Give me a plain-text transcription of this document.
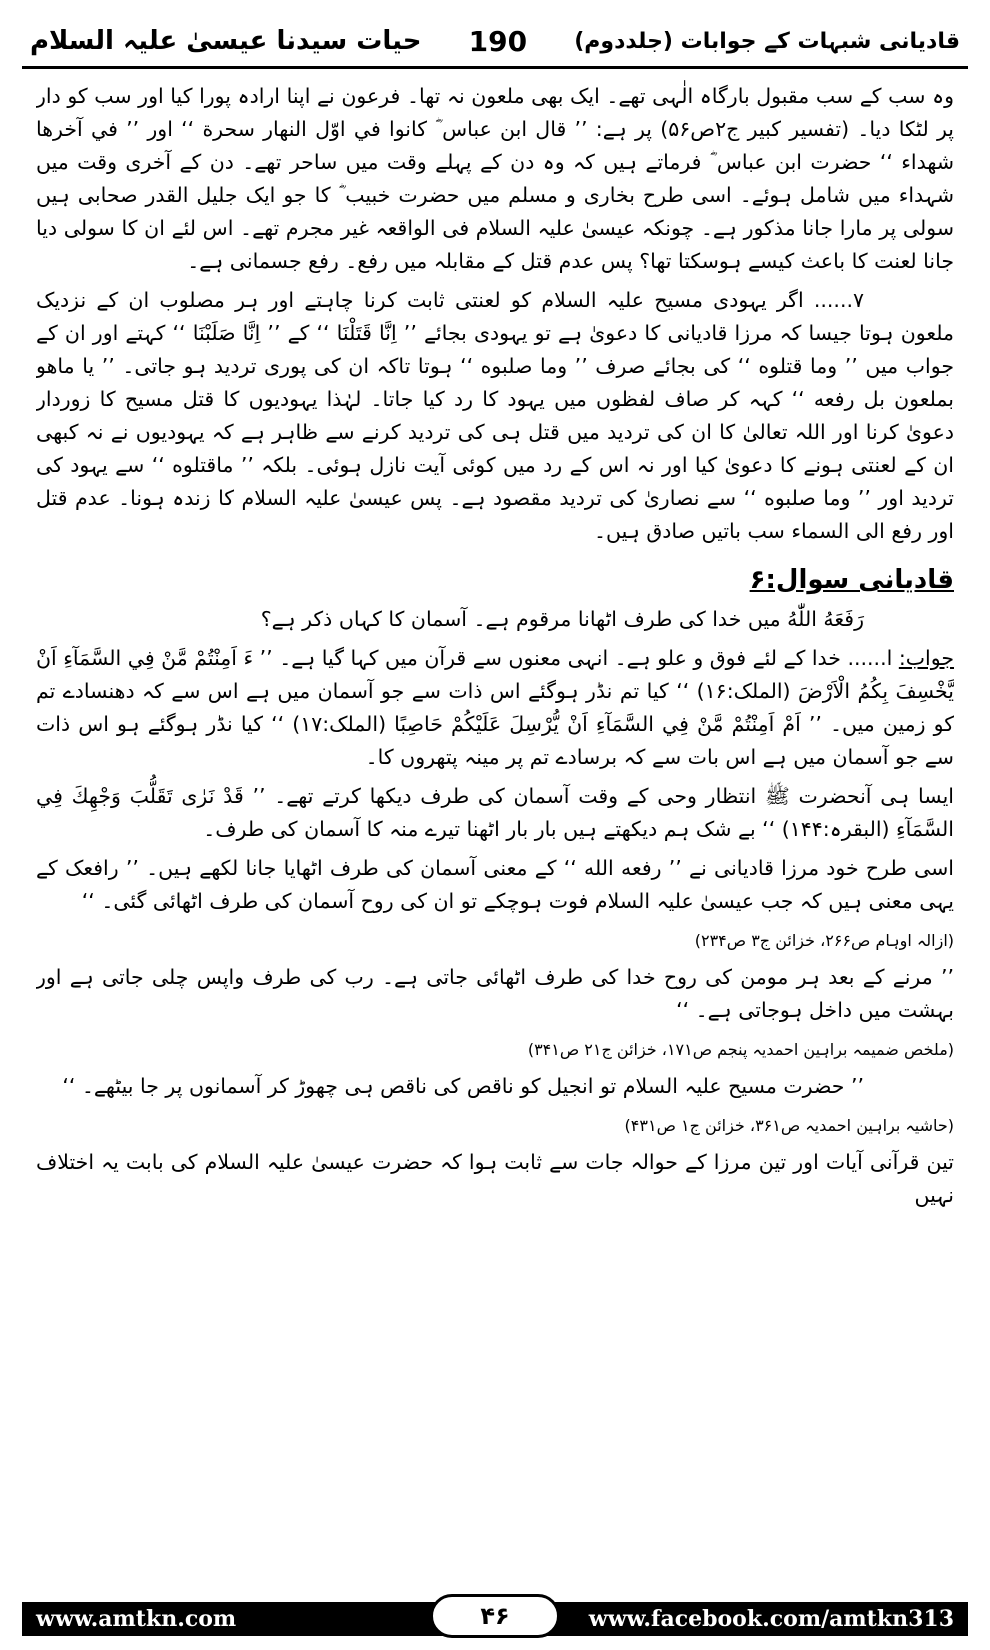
قادیانی شبہات کے جوابات (جلددوم)
190
حیات سیدنا عیسیٰ علیہ السلام

وہ سب کے سب مقبول بارگاہ الٰہی تھے۔ ایک بھی ملعون نہ تھا۔ فرعون نے اپنا ارادہ پورا کیا اور سب کو دار پر لٹکا دیا۔ (تفسیر کبیر ج۲ص۵۶) پر ہے: ’’ قال ابن عباس ؓ كانوا في اوّل النهار سحرة ‘‘ اور ’’ في آخرها شهداء ‘‘ حضرت ابن عباس ؓ فرماتے ہیں کہ وہ دن کے پہلے وقت میں ساحر تھے۔ دن کے آخری وقت میں شہداء میں شامل ہوئے۔ اسی طرح بخاری و مسلم میں حضرت خبیب ؓ کا جو ایک جلیل القدر صحابی ہیں سولی پر مارا جانا مذکور ہے۔ چونکہ عیسیٰ علیہ السلام فی الواقعہ غیر مجرم تھے۔ اس لئے ان کا سولی دیا جانا لعنت کا باعث کیسے ہوسکتا تھا؟ پس عدم قتل کے مقابلہ میں رفع۔ رفع جسمانی ہے۔

۷...... اگر یہودی مسیح علیہ السلام کو لعنتی ثابت کرنا چاہتے اور ہر مصلوب ان کے نزدیک ملعون ہوتا جیسا کہ مرزا قادیانی کا دعویٰ ہے تو یہودی بجائے ’’ اِنَّا قَتَلْنَا ‘‘ کے ’’ اِنَّا صَلَبْنَا ‘‘ کہتے اور ان کے جواب میں ’’ وما قتلوه ‘‘ کی بجائے صرف ’’ وما صلبوه ‘‘ ہوتا تاکہ ان کی پوری تردید ہو جاتی۔ ’’ يا ماهو بملعون بل رفعه ‘‘ کہہ کر صاف لفظوں میں یہود کا رد کیا جاتا۔ لہٰذا یہودیوں کا قتل مسیح کا زوردار دعویٰ کرنا اور اللہ تعالیٰ کا ان کی تردید میں قتل ہی کی تردید کرنے سے ظاہر ہے کہ یہودیوں نے نہ کبھی ان کے لعنتی ہونے کا دعویٰ کیا اور نہ اس کے رد میں کوئی آیت نازل ہوئی۔ بلکہ ’’ ماقتلوه ‘‘ سے یہود کی تردید اور ’’ وما صلبوه ‘‘ سے نصاریٰ کی تردید مقصود ہے۔ پس عیسیٰ علیہ السلام کا زندہ ہونا۔ عدم قتل اور رفع الی السماء سب باتیں صادق ہیں۔

قادیانی سوال:۶

رَفَعَهُ اللّٰهُ میں خدا کی طرف اٹھانا مرقوم ہے۔ آسمان کا کہاں ذکر ہے؟

جواب: ا...... خدا کے لئے فوق و علو ہے۔ انہی معنوں سے قرآن میں کہا گیا ہے۔ ’’ ءَ اَمِنْتُمْ مَّنْ فِي السَّمَآءِ اَنْ يَّخْسِفَ بِكُمُ الْاَرْضَ (الملک:۱۶) ‘‘ کیا تم نڈر ہوگئے اس ذات سے جو آسمان میں ہے اس سے کہ دھنسادے تم کو زمین میں۔ ’’ اَمْ اَمِنْتُمْ مَّنْ فِي السَّمَآءِ اَنْ يُّرْسِلَ عَلَيْكُمْ حَاصِبًا (الملک:۱۷) ‘‘ کیا نڈر ہوگئے ہو اس ذات سے جو آسمان میں ہے اس بات سے کہ برسادے تم پر مینہ پتھروں کا۔

ایسا ہی آنحضرت ﷺ انتظار وحی کے وقت آسمان کی طرف دیکھا کرتے تھے۔ ’’ قَدْ نَرٰى تَقَلُّبَ وَجْهِكَ فِي السَّمَآءِ (البقرہ:۱۴۴) ‘‘ بے شک ہم دیکھتے ہیں بار بار اٹھنا تیرے منہ کا آسمان کی طرف۔

اسی طرح خود مرزا قادیانی نے ’’ رفعه الله ‘‘ کے معنی آسمان کی طرف اٹھایا جانا لکھے ہیں۔ ’’ رافعک کے یہی معنی ہیں کہ جب عیسیٰ علیہ السلام فوت ہوچکے تو ان کی روح آسمان کی طرف اٹھائی گئی۔ ‘‘

(ازالہ اوہام ص۲۶۶، خزائن ج۳ ص۲۳۴)

’’ مرنے کے بعد ہر مومن کی روح خدا کی طرف اٹھائی جاتی ہے۔ رب کی طرف واپس چلی جاتی ہے اور بہشت میں داخل ہوجاتی ہے۔ ‘‘

(ملخص ضمیمہ براہین احمدیہ پنجم ص۱۷۱، خزائن ج۲۱ ص۳۴۱)

’’ حضرت مسیح علیہ السلام تو انجیل کو ناقص کی ناقص ہی چھوڑ کر آسمانوں پر جا بیٹھے۔ ‘‘

(حاشیہ براہین احمدیہ ص۳۶۱، خزائن ج۱ ص۴۳۱)

تین قرآنی آیات اور تین مرزا کے حوالہ جات سے ثابت ہوا کہ حضرت عیسیٰ علیہ السلام کی بابت یہ اختلاف نہیں

www.amtkn.com	www.facebook.com/amtkn313
۴۶
